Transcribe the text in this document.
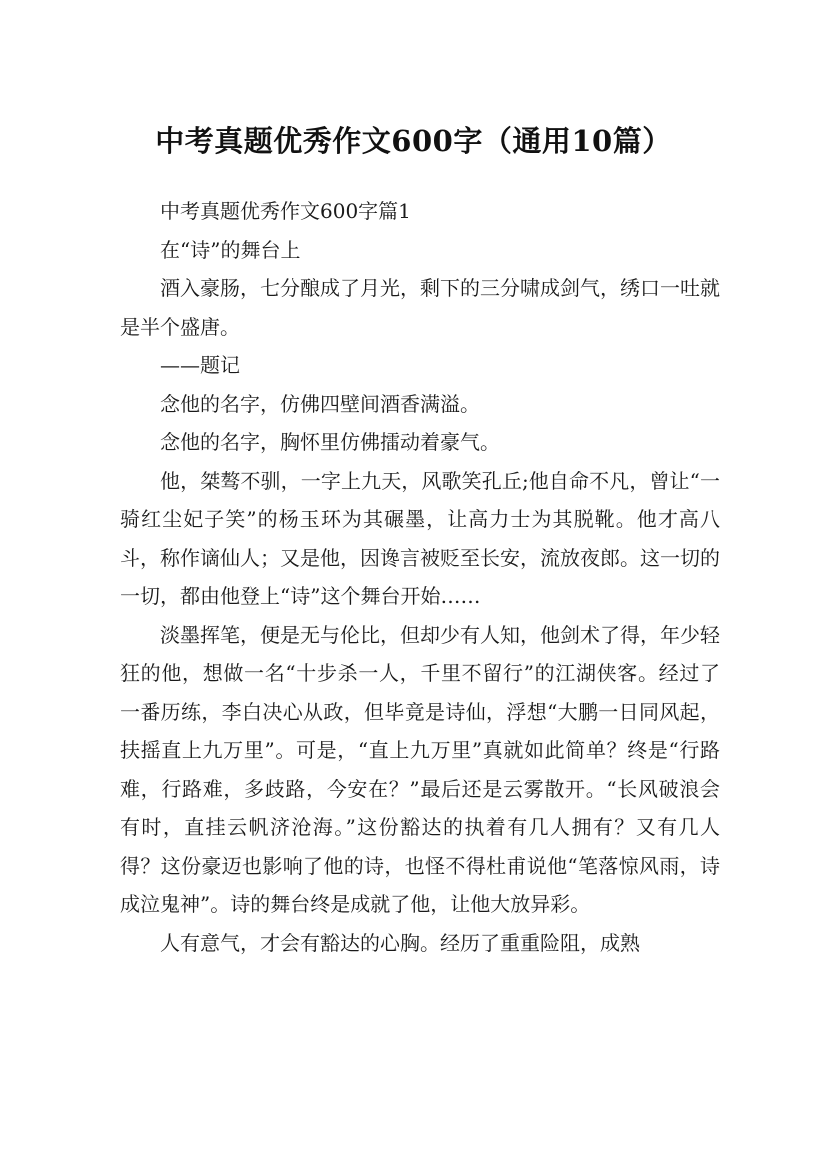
中考真题优秀作文600字（通用10篇）

中考真题优秀作文600字篇1

在“诗”的舞台上

酒入豪肠，七分酿成了月光，剩下的三分啸成剑气，绣口一吐就是半个盛唐。

——题记

念他的名字，仿佛四壁间酒香满溢。

念他的名字，胸怀里仿佛擂动着豪气。

他，桀骜不驯，一字上九天，风歌笑孔丘;他自命不凡，曾让“一骑红尘妃子笑”的杨玉环为其碾墨，让高力士为其脱靴。他才高八斗，称作谪仙人；又是他，因谗言被贬至长安，流放夜郎。这一切的一切，都由他登上“诗”这个舞台开始……

淡墨挥笔，便是无与伦比，但却少有人知，他剑术了得，年少轻狂的他，想做一名“十步杀一人，千里不留行”的江湖侠客。经过了一番历练，李白决心从政，但毕竟是诗仙，浮想“大鹏一日同风起，扶摇直上九万里”。可是，“直上九万里”真就如此简单？终是“行路难，行路难，多歧路，今安在？”最后还是云雾散开。“长风破浪会有时，直挂云帆济沧海。”这份豁达的执着有几人拥有？又有几人得？这份豪迈也影响了他的诗，也怪不得杜甫说他“笔落惊风雨，诗成泣鬼神”。诗的舞台终是成就了他，让他大放异彩。

人有意气，才会有豁达的心胸。经历了重重险阻，成熟
